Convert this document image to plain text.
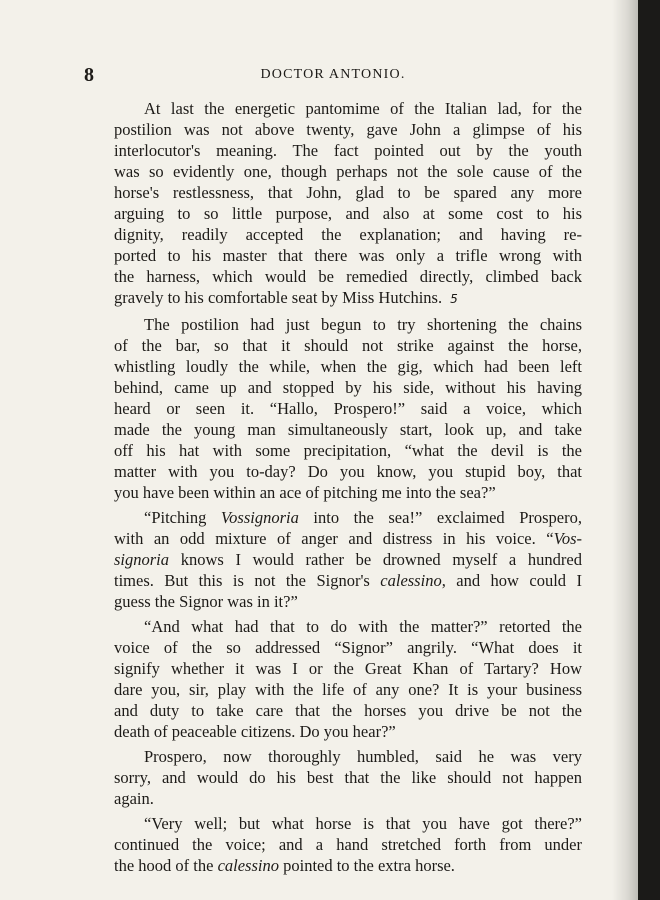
8	DOCTOR ANTONIO.

At last the energetic pantomime of the Italian lad, for the
postilion was not above twenty, gave John a glimpse of his
interlocutor's meaning. The fact pointed out by the youth
was so evidently one, though perhaps not the sole cause of the
horse's restlessness, that John, glad to be spared any more
arguing to so little purpose, and also at some cost to his
dignity, readily accepted the explanation; and having re-
ported to his master that there was only a trifle wrong with
the harness, which would be remedied directly, climbed back
gravely to his comfortable seat by Miss Hutchins. 5

The postilion had just begun to try shortening the chains
of the bar, so that it should not strike against the horse,
whistling loudly the while, when the gig, which had been left
behind, came up and stopped by his side, without his having
heard or seen it. “Hallo, Prospero!” said a voice, which
made the young man simultaneously start, look up, and take
off his hat with some precipitation, “what the devil is the
matter with you to-day? Do you know, you stupid boy, that
you have been within an ace of pitching me into the sea?”

“Pitching Vossignoria into the sea!” exclaimed Prospero,
with an odd mixture of anger and distress in his voice. “Vos-
signoria knows I would rather be drowned myself a hundred
times. But this is not the Signor's calessino, and how could I
guess the Signor was in it?”

“And what had that to do with the matter?” retorted the
voice of the so addressed “Signor” angrily. “What does it
signify whether it was I or the Great Khan of Tartary? How
dare you, sir, play with the life of any one? It is your business
and duty to take care that the horses you drive be not the
death of peaceable citizens. Do you hear?”

Prospero, now thoroughly humbled, said he was very
sorry, and would do his best that the like should not happen
again.

“Very well; but what horse is that you have got there?”
continued the voice; and a hand stretched forth from under
the hood of the calessino pointed to the extra horse.
